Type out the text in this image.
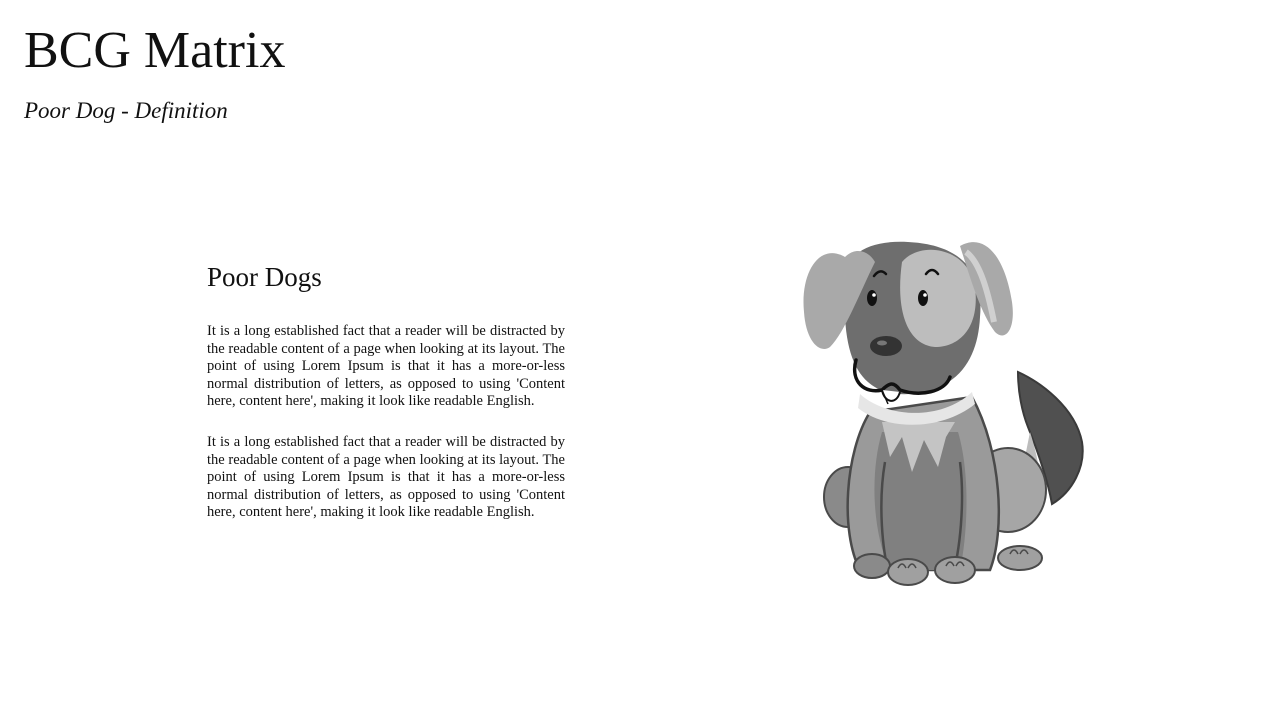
BCG Matrix
Poor Dog - Definition
Poor Dogs

It is a long established fact that a reader will be distracted by the readable content of a page when looking at its layout. The point of using Lorem Ipsum is that it has a more-or-less normal distribution of letters, as opposed to using 'Content here, content here', making it look like readable English.

It is a long established fact that a reader will be distracted by the readable content of a page when looking at its layout. The point of using Lorem Ipsum is that it has a more-or-less normal distribution of letters, as opposed to using 'Content here, content here', making it look like readable English.
